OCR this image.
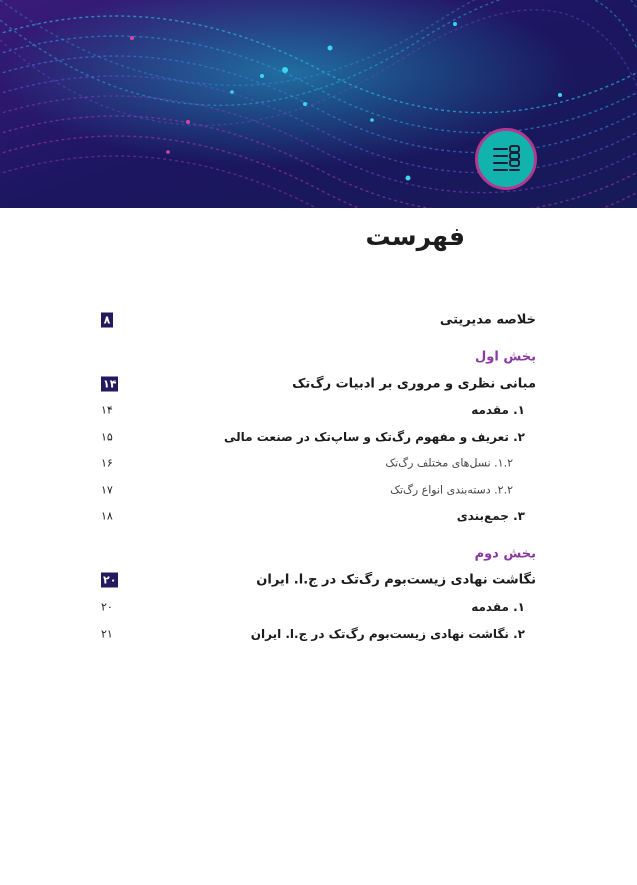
فهرست
خلاصه مدیریتی
۸
بخش اول
مبانی نظری و مروری بر ادبیات رگ‌تک
۱۴
۱. مقدمه
۱۴
۲. تعریف و مفهوم رگ‌تک و ساپ‌تک در صنعت مالی
۱۵
۱.۲. نسل‌های مختلف رگ‌تک
۱۶
۲.۲. دسته‌بندی انواع رگ‌تک
۱۷
۳. جمع‌بندی
۱۸
بخش دوم
نگاشت نهادی زیست‌بوم رگ‌تک در ج.ا. ایران
۲۰
۱. مقدمه
۲۰
۲. نگاشت نهادی زیست‌بوم رگ‌تک در ج.ا. ایران
۲۱
